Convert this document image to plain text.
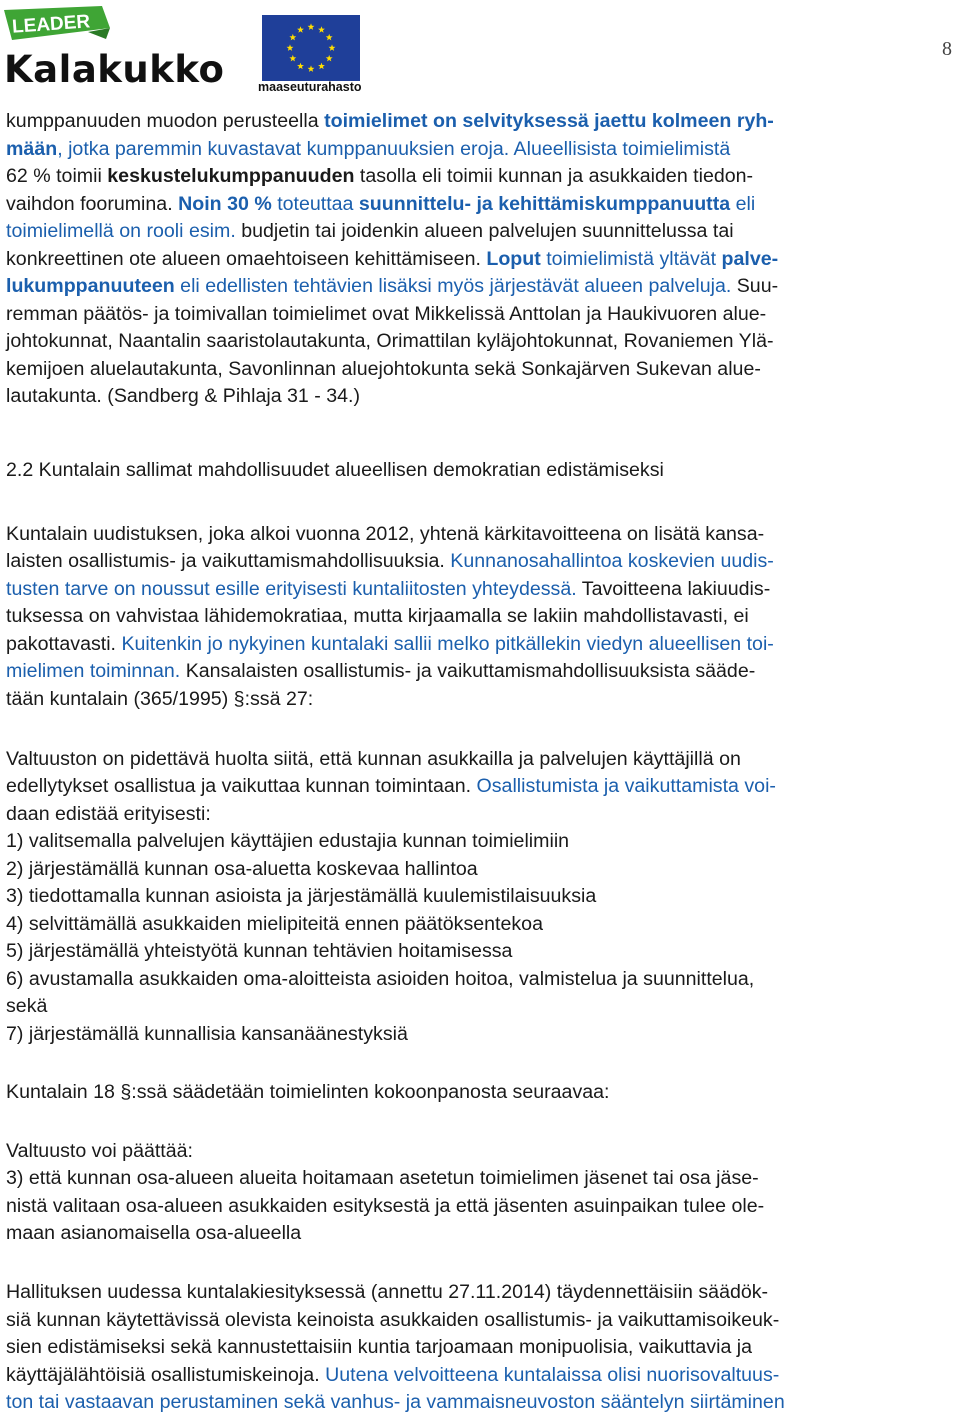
LEADER
Kalakukko	maaseuturahasto
8

kumppanuuden muodon perusteella toimielimet on selvityksessä jaettu kolmeen ryh-
mään, jotka paremmin kuvastavat kumppanuuksien eroja. Alueellisista toimielimistä
62 % toimii keskustelukumppanuuden tasolla eli toimii kunnan ja asukkaiden tiedon-
vaihdon foorumina. Noin 30 % toteuttaa suunnittelu- ja kehittämiskumppanuutta eli
toimielimellä on rooli esim. budjetin tai joidenkin alueen palvelujen suunnittelussa tai
konkreettinen ote alueen omaehtoiseen kehittämiseen. Loput toimielimistä yltävät palve-
lukumppanuuteen eli edellisten tehtävien lisäksi myös järjestävät alueen palveluja. Suu-
remman päätös- ja toimivallan toimielimet ovat Mikkelissä Anttolan ja Haukivuoren alue-
johtokunnat, Naantalin saaristolautakunta, Orimattilan kyläjohtokunnat, Rovaniemen Ylä-
kemijoen aluelautakunta, Savonlinnan aluejohtokunta sekä Sonkajärven Sukevan alue-
lautakunta. (Sandberg & Pihlaja 31 - 34.)

2.2 Kuntalain sallimat mahdollisuudet alueellisen demokratian edistämiseksi

Kuntalain uudistuksen, joka alkoi vuonna 2012, yhtenä kärkitavoitteena on lisätä kansa-
laisten osallistumis- ja vaikuttamismahdollisuuksia. Kunnanosahallintoa koskevien uudis-
tusten tarve on noussut esille erityisesti kuntaliitosten yhteydessä. Tavoitteena lakiuudis-
tuksessa on vahvistaa lähidemokratiaa, mutta kirjaamalla se lakiin mahdollistavasti, ei
pakottavasti. Kuitenkin jo nykyinen kuntalaki sallii melko pitkällekin viedyn alueellisen toi-
mielimen toiminnan. Kansalaisten osallistumis- ja vaikuttamismahdollisuuksista sääde-
tään kuntalain (365/1995) §:ssä 27:

Valtuuston on pidettävä huolta siitä, että kunnan asukkailla ja palvelujen käyttäjillä on
edellytykset osallistua ja vaikuttaa kunnan toimintaan. Osallistumista ja vaikuttamista voi-
daan edistää erityisesti:
1) valitsemalla palvelujen käyttäjien edustajia kunnan toimielimiin
2) järjestämällä kunnan osa-aluetta koskevaa hallintoa
3) tiedottamalla kunnan asioista ja järjestämällä kuulemistilaisuuksia
4) selvittämällä asukkaiden mielipiteitä ennen päätöksentekoa
5) järjestämällä yhteistyötä kunnan tehtävien hoitamisessa
6) avustamalla asukkaiden oma-aloitteista asioiden hoitoa, valmistelua ja suunnittelua,
sekä
7) järjestämällä kunnallisia kansanäänestyksiä

Kuntalain 18 §:ssä säädetään toimielinten kokoonpanosta seuraavaa:

Valtuusto voi päättää:
3) että kunnan osa-alueen alueita hoitamaan asetetun toimielimen jäsenet tai osa jäse-
nistä valitaan osa-alueen asukkaiden esityksestä ja että jäsenten asuinpaikan tulee ole-
maan asianomaisella osa-alueella

Hallituksen uudessa kuntalakiesityksessä (annettu 27.11.2014) täydennettäisiin säädök-
siä kunnan käytettävissä olevista keinoista asukkaiden osallistumis- ja vaikuttamisoikeuk-
sien edistämiseksi sekä kannustettaisiin kuntia tarjoamaan monipuolisia, vaikuttavia ja
käyttäjälähtöisiä osallistumiskeinoja. Uutena velvoitteena kuntalaissa olisi nuorisovaltuus-
ton tai vastaavan perustaminen sekä vanhus- ja vammaisneuvoston sääntelyn siirtäminen
